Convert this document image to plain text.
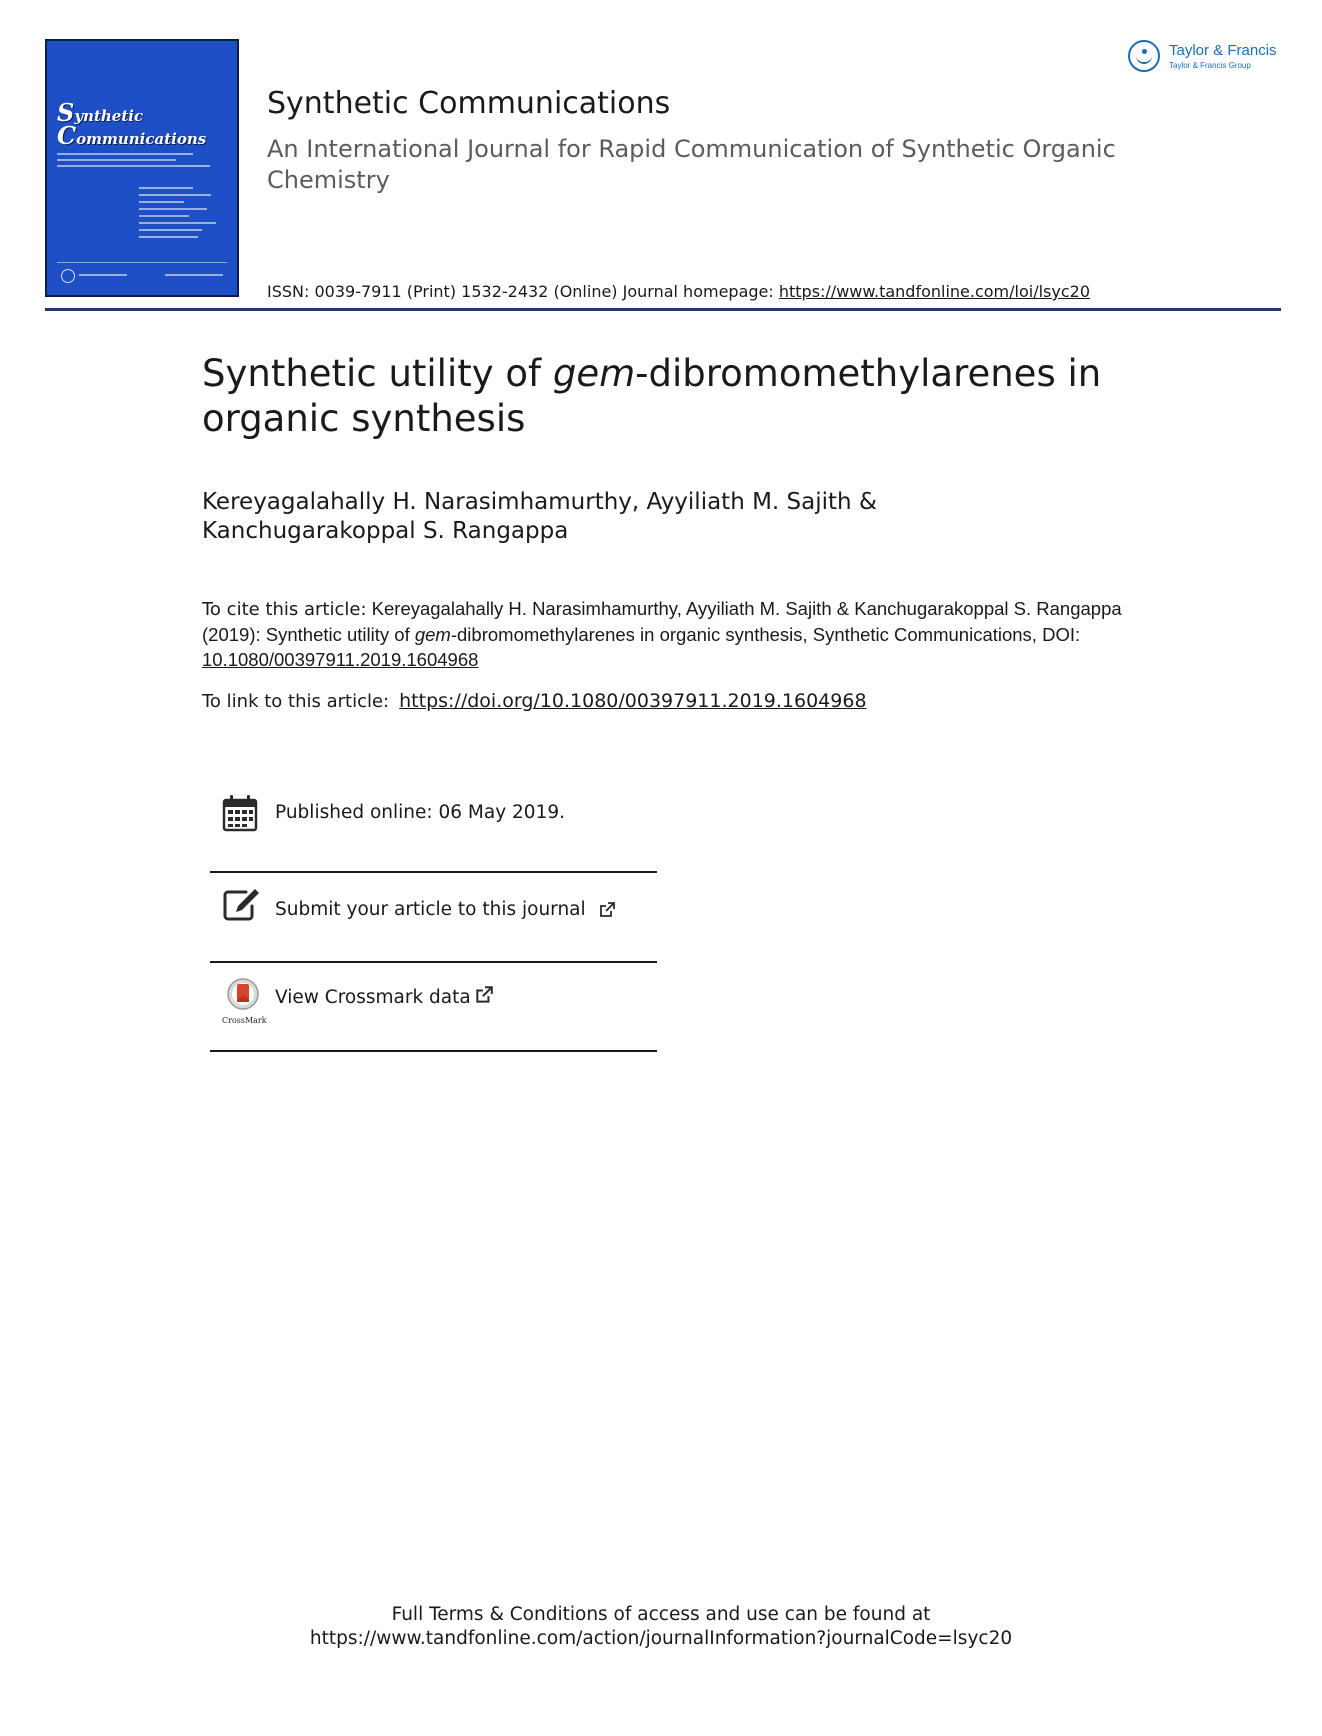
Synthetic
Communications
Synthetic Communications
An International Journal for Rapid Communication of Synthetic Organic Chemistry
ISSN: 0039-7911 (Print) 1532-2432 (Online) Journal homepage: https://www.tandfonline.com/loi/lsyc20
Taylor & Francis
Taylor & Francis Group
Synthetic utility of gem-dibromomethylarenes in organic synthesis
Kereyagalahally H. Narasimhamurthy, Ayyiliath M. Sajith &
Kanchugarakoppal S. Rangappa
To cite this article: Kereyagalahally H. Narasimhamurthy, Ayyiliath M. Sajith & Kanchugarakoppal S. Rangappa (2019): Synthetic utility of gem-dibromomethylarenes in organic synthesis, Synthetic Communications, DOI: 10.1080/00397911.2019.1604968
To link to this article: https://doi.org/10.1080/00397911.2019.1604968
Published online: 06 May 2019.
Submit your article to this journal
CrossMark
View Crossmark data
Full Terms & Conditions of access and use can be found at
https://www.tandfonline.com/action/journalInformation?journalCode=lsyc20
